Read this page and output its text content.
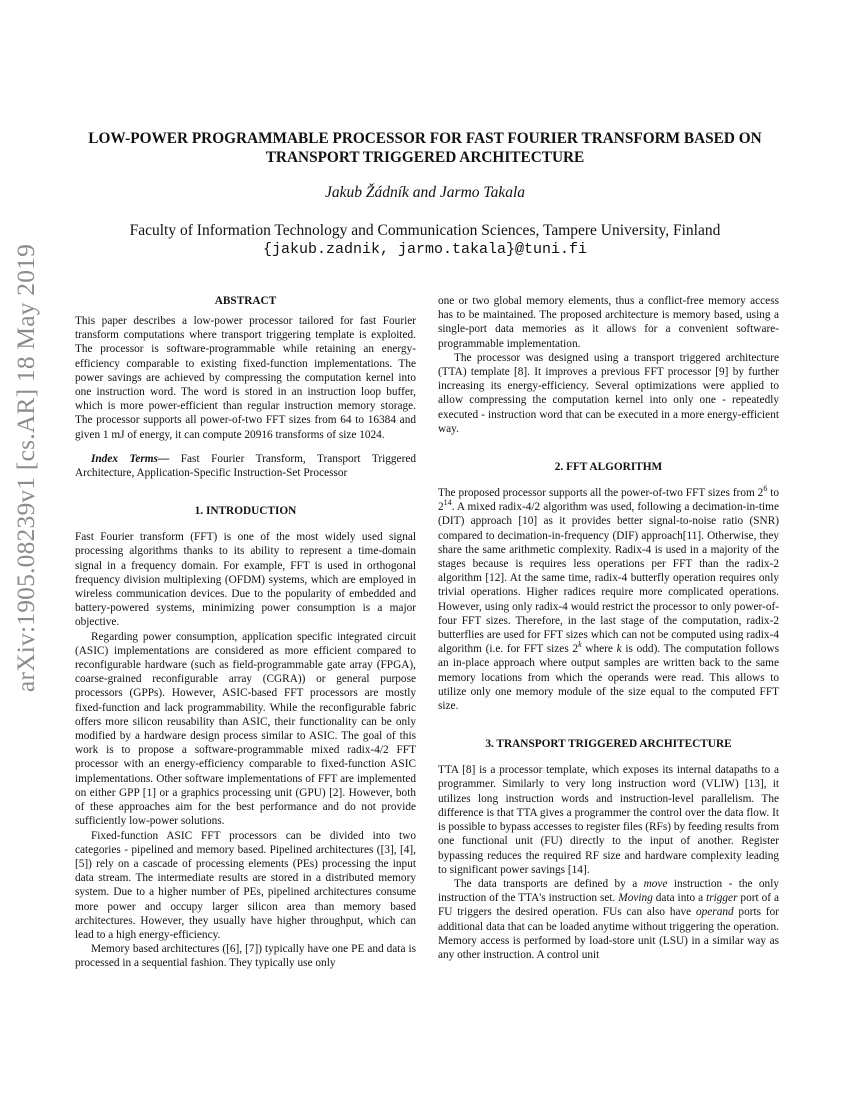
arXiv:1905.08239v1 [cs.AR] 18 May 2019
LOW-POWER PROGRAMMABLE PROCESSOR FOR FAST FOURIER TRANSFORM BASED ON TRANSPORT TRIGGERED ARCHITECTURE
Jakub Žádník and Jarmo Takala
Faculty of Information Technology and Communication Sciences, Tampere University, Finland
{jakub.zadnik, jarmo.takala}@tuni.fi
ABSTRACT

This paper describes a low-power processor tailored for fast Fourier transform computations where transport triggering template is exploited. The processor is software-programmable while retaining an energy-efficiency comparable to existing fixed-function implementations. The power savings are achieved by compressing the computation kernel into one instruction word. The word is stored in an instruction loop buffer, which is more power-efficient than regular instruction memory storage. The processor supports all power-of-two FFT sizes from 64 to 16384 and given 1 mJ of energy, it can compute 20916 transforms of size 1024.

Index Terms— Fast Fourier Transform, Transport Triggered Architecture, Application-Specific Instruction-Set Processor

1. INTRODUCTION

Fast Fourier transform (FFT) is one of the most widely used signal processing algorithms thanks to its ability to represent a time-domain signal in a frequency domain. For example, FFT is used in orthogonal frequency division multiplexing (OFDM) systems, which are employed in wireless communication devices. Due to the popularity of embedded and battery-powered systems, minimizing power consumption is a major objective.

Regarding power consumption, application specific integrated circuit (ASIC) implementations are considered as more efficient compared to reconfigurable hardware (such as field-programmable gate array (FPGA), coarse-grained reconfigurable array (CGRA)) or general purpose processors (GPPs). However, ASIC-based FFT processors are mostly fixed-function and lack programmability. While the reconfigurable fabric offers more silicon reusability than ASIC, their functionality can be only modified by a hardware design process similar to ASIC. The goal of this work is to propose a software-programmable mixed radix-4/2 FFT processor with an energy-efficiency comparable to fixed-function ASIC implementations. Other software implementations of FFT are implemented on either GPP [1] or a graphics processing unit (GPU) [2]. However, both of these approaches aim for the best performance and do not provide sufficiently low-power solutions.

Fixed-function ASIC FFT processors can be divided into two categories - pipelined and memory based. Pipelined architectures ([3], [4], [5]) rely on a cascade of processing elements (PEs) processing the input data stream. The intermediate results are stored in a distributed memory system. Due to a higher number of PEs, pipelined architectures consume more power and occupy larger silicon area than memory based architectures. However, they usually have higher throughput, which can lead to a high energy-efficiency.

Memory based architectures ([6], [7]) typically have one PE and data is processed in a sequential fashion. They typically use only

one or two global memory elements, thus a conflict-free memory access has to be maintained. The proposed architecture is memory based, using a single-port data memories as it allows for a convenient software-programmable implementation.

The processor was designed using a transport triggered architecture (TTA) template [8]. It improves a previous FFT processor [9] by further increasing its energy-efficiency. Several optimizations were applied to allow compressing the computation kernel into only one - repeatedly executed - instruction word that can be executed in a more energy-efficient way.

2. FFT ALGORITHM

The proposed processor supports all the power-of-two FFT sizes from $2^6$ to $2^{14}$. A mixed radix-4/2 algorithm was used, following a decimation-in-time (DIT) approach [10] as it provides better signal-to-noise ratio (SNR) compared to decimation-in-frequency (DIF) approach[11]. Otherwise, they share the same arithmetic complexity. Radix-4 is used in a majority of the stages because is requires less operations per FFT than the radix-2 algorithm [12]. At the same time, radix-4 butterfly operation requires only trivial operations. Higher radices require more complicated operations. However, using only radix-4 would restrict the processor to only power-of-four FFT sizes. Therefore, in the last stage of the computation, radix-2 butterflies are used for FFT sizes which can not be computed using radix-4 algorithm (i.e. for FFT sizes 2$^k$ where k is odd). The computation follows an in-place approach where output samples are written back to the same memory locations from which the operands were read. This allows to utilize only one memory module of the size equal to the computed FFT size.

3. TRANSPORT TRIGGERED ARCHITECTURE

TTA [8] is a processor template, which exposes its internal datapaths to a programmer. Similarly to very long instruction word (VLIW) [13], it utilizes long instruction words and instruction-level parallelism. The difference is that TTA gives a programmer the control over the data flow. It is possible to bypass accesses to register files (RFs) by feeding results from one functional unit (FU) directly to the input of another. Register bypassing reduces the required RF size and hardware complexity leading to significant power savings [14].

The data transports are defined by a move instruction - the only instruction of the TTA's instruction set. Moving data into a trigger port of a FU triggers the desired operation. FUs can also have operand ports for additional data that can be loaded anytime without triggering the operation. Memory access is performed by load-store unit (LSU) in a similar way as any other instruction. A control unit
